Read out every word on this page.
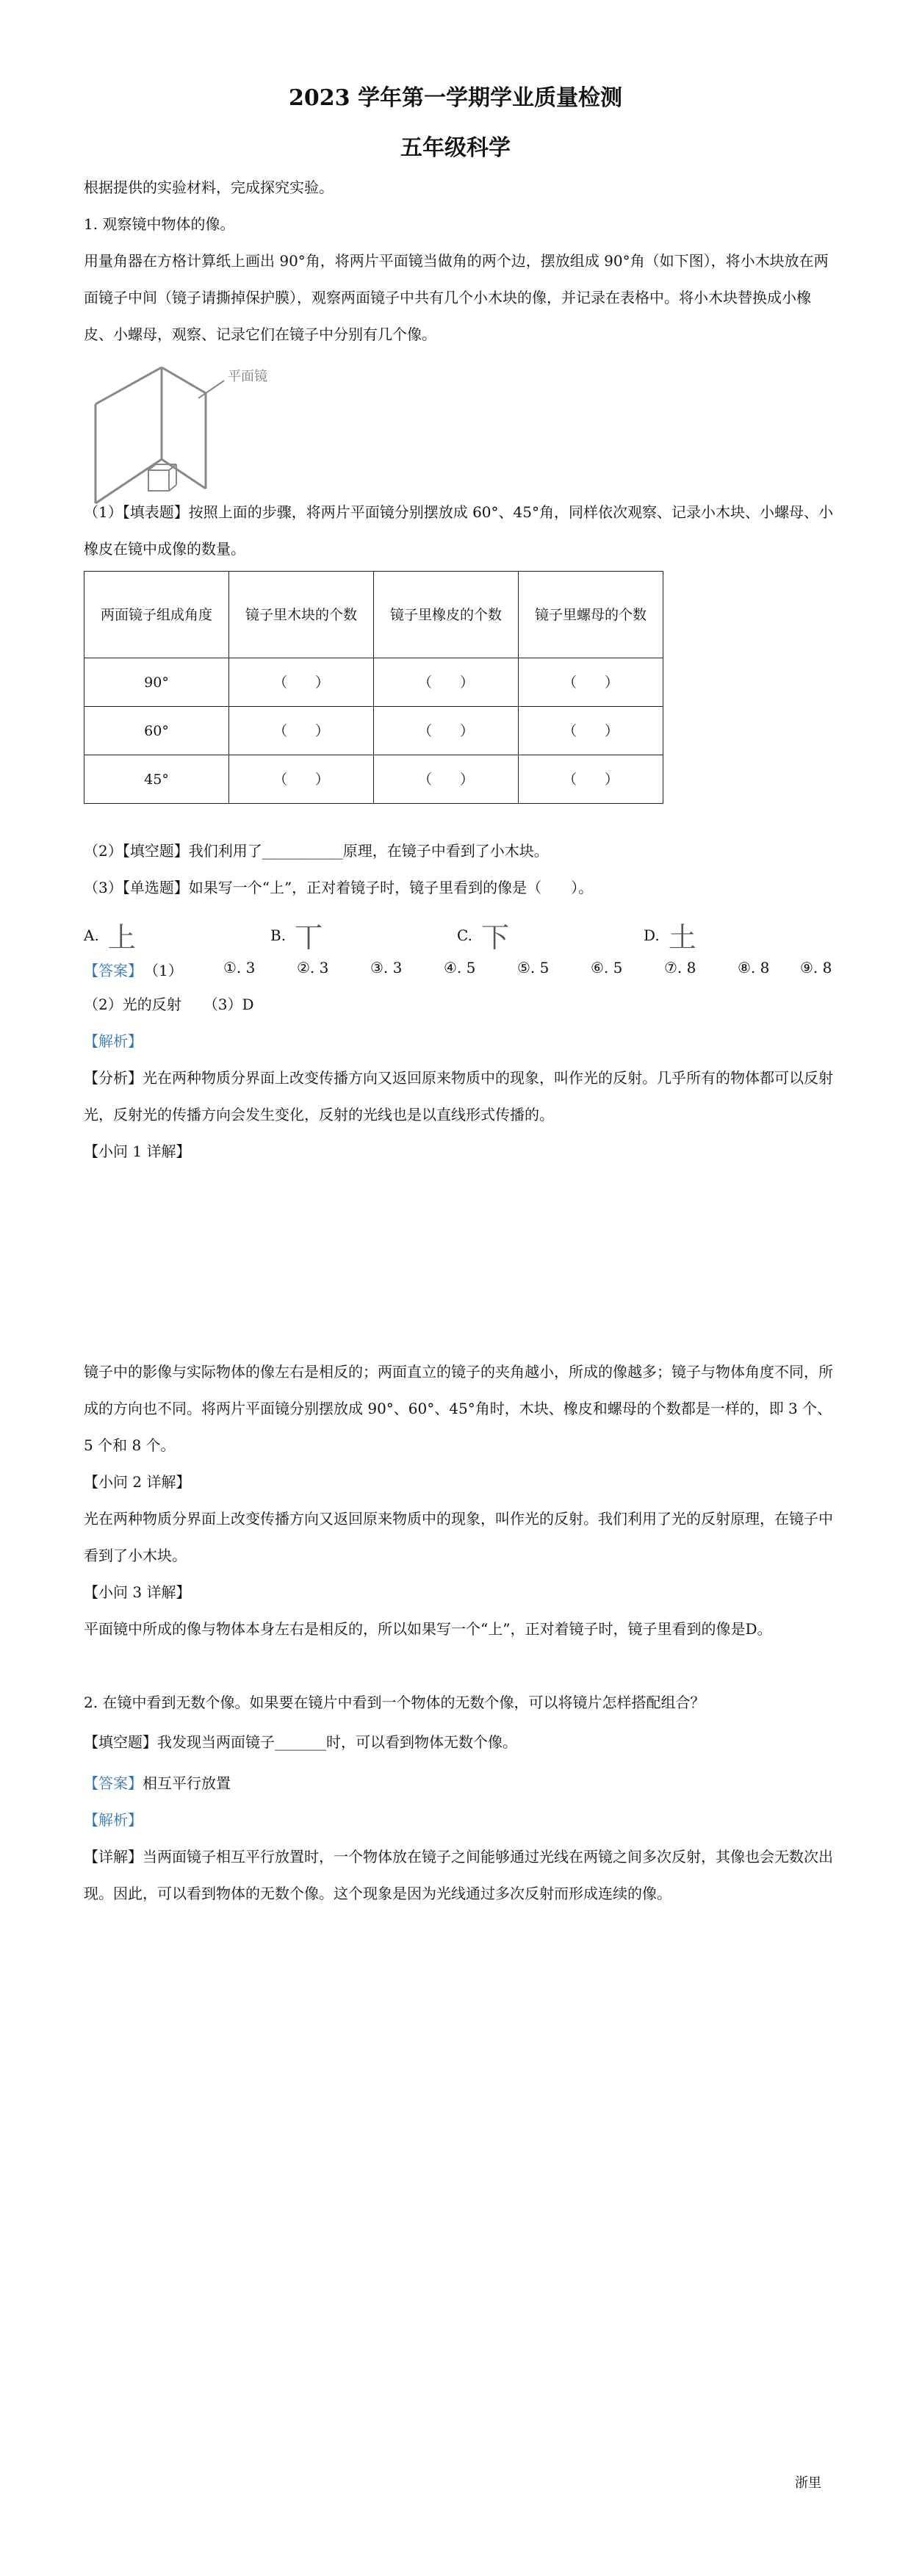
2023 学年第一学期学业质量检测
五年级科学
根据提供的实验材料，完成探究实验。
1. 观察镜中物体的像。
用量角器在方格计算纸上画出 90°角，将两片平面镜当做角的两个边，摆放组成 90°角（如下图），将小木块放在两面镜子中间（镜子请撕掉保护膜），观察两面镜子中共有几个小木块的像，并记录在表格中。将小木块替换成小橡皮、小螺母，观察、记录它们在镜子中分别有几个像。
平面镜
（1）【填表题】按照上面的步骤，将两片平面镜分别摆放成 60°、45°角，同样依次观察、记录小木块、小螺母、小橡皮在镜中成像的数量。
两面镜子组成角度	镜子里木块的个数	镜子里橡皮的个数	镜子里螺母的个数
90°	（　　）	（　　）	（　　）
60°	（　　）	（　　）	（　　）
45°	（　　）	（　　）	（　　）
（2）【填空题】我们利用了___________原理，在镜子中看到了小木块。
（3）【单选题】如果写一个“上”，正对着镜子时，镜子里看到的像是（　　）。
A. 上	B. 丅	C. 下	D. 土
【答案】 （1）	①. 3	②. 3	③. 3	④. 5	⑤. 5	⑥. 5	⑦. 8	⑧. 8 ⑨. 8
（2）光的反射　　（3）D
【解析】
【分析】光在两种物质分界面上改变传播方向又返回原来物质中的现象，叫作光的反射。几乎所有的物体都可以反射光，反射光的传播方向会发生变化，反射的光线也是以直线形式传播的。
【小问 1 详解】
镜子中的影像与实际物体的像左右是相反的；两面直立的镜子的夹角越小，所成的像越多；镜子与物体角度不同，所成的方向也不同。将两片平面镜分别摆放成 90°、60°、45°角时，木块、橡皮和螺母的个数都是一样的，即 3 个、5 个和 8 个。
【小问 2 详解】
光在两种物质分界面上改变传播方向又返回原来物质中的现象，叫作光的反射。我们利用了光的反射原理，在镜子中看到了小木块。
【小问 3 详解】
平面镜中所成的像与物体本身左右是相反的，所以如果写一个“上”，正对着镜子时，镜子里看到的像是D。
2. 在镜中看到无数个像。如果要在镜片中看到一个物体的无数个像，可以将镜片怎样搭配组合？
【填空题】我发现当两面镜子_______时，可以看到物体无数个像。
【答案】相互平行放置
【解析】
【详解】当两面镜子相互平行放置时，一个物体放在镜子之间能够通过光线在两镜之间多次反射，其像也会无数次出现。因此，可以看到物体的无数个像。这个现象是因为光线通过多次反射而形成连续的像。
浙里
